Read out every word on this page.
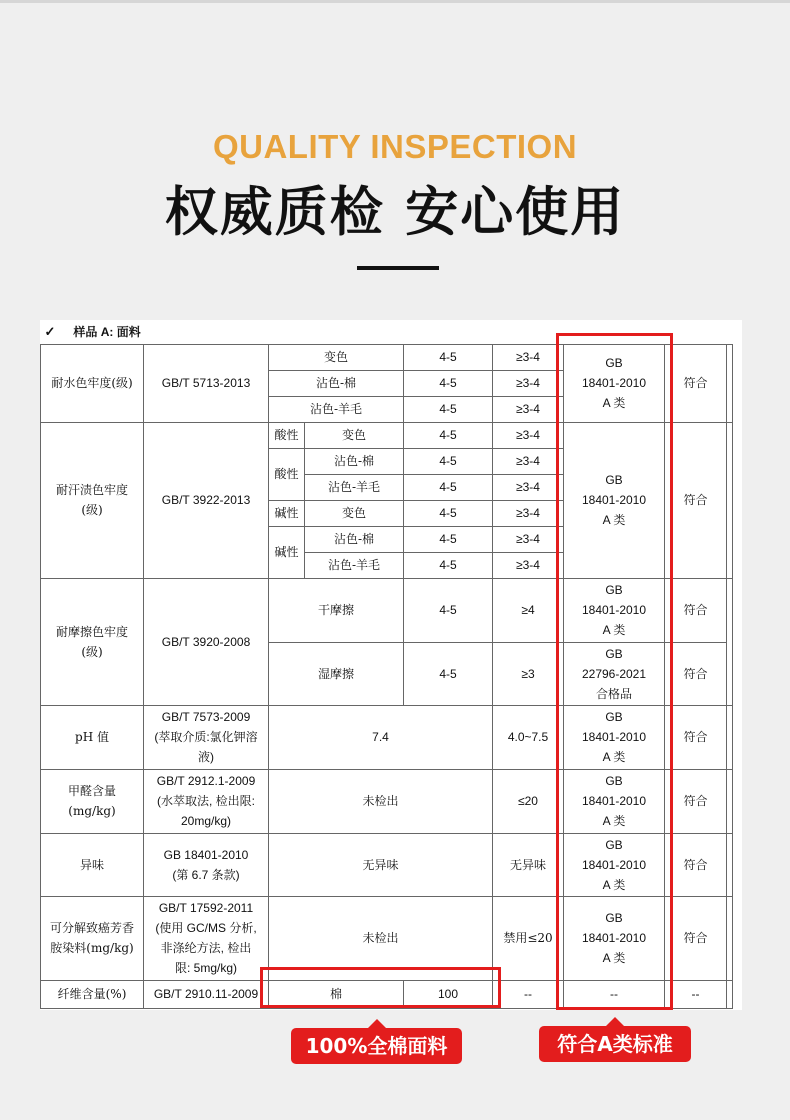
QUALITY INSPECTION
权威质检 安心使用
✓ 样品 A: 面料								
耐水色牢度(级)	GB/T 5713-2013	变色		4-5	≥3-4	GB
18401-2010
A 类	符合	
		沾色-棉		4-5	≥3-4			
		沾色-羊毛		4-5	≥3-4			
耐汗渍色牢度
(级)	GB/T 3922-2013	酸性	变色	4-5	≥3-4	GB
18401-2010
A 类	符合	
		酸性	沾色-棉	4-5	≥3-4			
			沾色-羊毛	4-5	≥3-4			
		碱性	变色	4-5	≥3-4			
		碱性	沾色-棉	4-5	≥3-4			
			沾色-羊毛	4-5	≥3-4			
耐摩擦色牢度
(级)	GB/T 3920-2008	干摩擦		4-5	≥4	GB
18401-2010
A 类	符合	
		湿摩擦		4-5	≥3	GB
22796-2021
合格品	符合	
pH 值	GB/T 7573-2009
(萃取介质:氯化钾溶
液)	7.4			4.0~7.5	GB
18401-2010
A 类	符合	
甲醛含量
(mg/kg)	GB/T 2912.1-2009
(水萃取法, 检出限:
20mg/kg)	未检出			≤20	GB
18401-2010
A 类	符合	
异味	GB 18401-2010
(第 6.7 条款)	无异味			无异味	GB
18401-2010
A 类	符合	
可分解致癌芳香
胺染料(mg/kg)	GB/T 17592-2011
(使用 GC/MS 分析,
非涤纶方法, 检出
限: 5mg/kg)	未检出			禁用≤20	GB
18401-2010
A 类	符合	
纤维含量(%)	GB/T 2910.11-2009	棉		100	--	--	--	
100%全棉面料	符合A类标准
